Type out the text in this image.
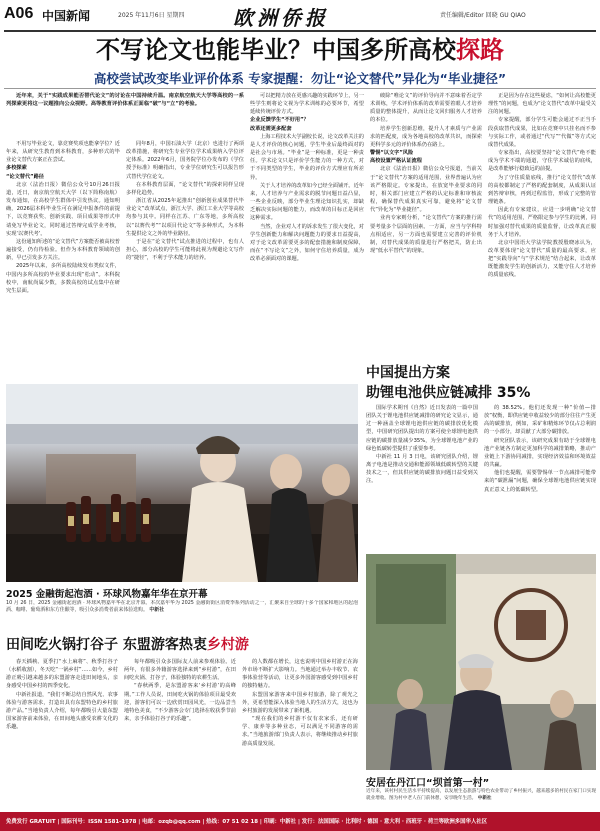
A06 中国新闻	2025 年11月6日 星期四 欧洲侨报	责任编辑/Editor 回晓 GU QIAO
不写论文也能毕业？中国多所高校探路
高校尝试改变毕业评价体系 专家提醒：勿让“论文替代”异化为“毕业捷径”

近年来，关于“实践成果能否替代论文”的讨论在中国持续升温。南京航空航天大学等高校的一系列探索更将这一议题推向公众视野。高等教育评价体系正面临“破”与“立”的考验。

不用写毕业论文，靠竞赛奖项也能拿学位？近年来，从研究生教育到本科教育，多种形式的毕业论文替代方案正在尝试。

多校探索

“论文替代”路径

北京（法治日报）微信公众号10月26日报道，近日，南京航空航天大学（以下简称南航）发布通知，在高校学生群体中引发热议。通知明确，2026届本科毕业生可在满足申报条件的前提下，以竞赛获奖、创新实践、项目成果等形式申请免写毕业论文，同时通过答辩完成学业考核，实现‘以赛代考’。

这份通知所述的“论文替代”方案能否被高校普遍接受，仍有待检验。但作为本科教育领域的创新，早已引发多方关注。

2025年以来，多所高校陆续发布类似文件，中国内多所高校的毕业要求出现“松动”。本科院校中，南航尚属少数，多数高校的试点集中在研究生层面。

同年8月，中国石油大学（北京）也进行了两项改革措施，将研究生专业学位学术成果纳入学位评定体系。2022年6月，国务院学位办发布的《学位授予标准》明确指出，专业学位研究生可以报告形式替代学位论文。

在本科教育层面，“论文替代”的探索同样呈现多样化趋势。

浙江省从2025年起推出“创新创业成果替代毕业论文”改革试点，浙江大学、浙江工业大学等高校均参与其中。同样在江苏、广东等地，多所高校以“以赛代考”“以项目代论文”等多种形式，为本科生提供论文之外的毕业路径。

于是在“论文替代”试点推进的过程中，也有人担心，部分高校的学生可能将此视为规避论文写作的“捷径”，不利于学术能力的培养。

可以把精力放在更感兴趣的实践环节上，另一些学生则将论文视为学术训练的必要环节，希望延续传统评价方式。

企业反馈学生“不好用”？

改革还需更多配套

上海工程技术大学副校长说，论文改革关注的是人才评价的核心问题，学生毕业后最终面对的是社会与市场。“毕业”是一种标准，更是一种责任。学术论文只是评价学生能力的一种方式，对于不同类型的学生，毕业的评价方式理应有所差异。

关于人才培养的改革如今已经全面铺开。近年来，人才培养与产业需求的脱节问题日益凸显，一些企业反映，部分毕业生理论知识扎实，却缺乏解决实际问题的能力，而改革的目标正是回应这种需求。

当然，企业对人才的诉求发生了很大变化，对学生创新能力和解决问题能力的要求日益提高，对于论文改革需要更多的配套措施和制度保障，而在“不写论文”之外，如何守住培养质量，成为改革必须面对的课题。

破除“唯论文”的评价导向并不意味着否定学术训练，学术评价体系的改革需要着眼人才培养质量的整体提升，从而让论文回归服务人才培养的本位。

培养学生创新思维，提升人才素质与产业需求的匹配度，成为各地高校的改革共识，而探索更科学多元的评价体系仍在路上。

警惕“以文字”风险

高校设置严格认证流程

北京《法治日报》微信公众号报道，当前关于“论文替代”方案的适用范围，业界普遍认为应该严格限定。专家提出，在放宽毕业要求的同时，相关部门应建立严格的认定标准和审核流程，确保替代成果真实可靠，避免将“论文替代”异化为“毕业捷径”。

业内专家则分析，“论文替代”方案的推行需要考量多个层面的因素。一方面，应当与学科特点相适应，另一方面也需要建立完善的评价机制，对替代成果的质量进行严格把关，防止出现“低水平替代”的现象。

正是因为存在这些疑虑，“如何让高校能更理性”的问题，也成为“论文替代”改革中最受关注的问题。

专家提醒，部分学生可能会通过不正当手段获取替代成果，比如在竞赛中只挂名而不参与实际工作，或者通过“代写”“代做”等方式完成替代成果。

专家指出，高校要坚持“论文替代”绝不能成为学术不端的通道，守住学术诚信的底线，是改革能够行稳致远的前提。

为了守住质量底线，推行“论文替代”改革的高校都制定了严格的配套制度，从成果认证到答辩审核，再到过程监管，形成了完整的管理链条。

因此有专家建议，应进一步明确“论文替代”的适用范围，严格限定参与学生的比例，同时加强对替代成果的质量监督，让改革真正服务于人才培养。

北京中国语大学法学院教授殷晓冰认为，改革要体现“论文替代”质量的最高要求，应把“实践导向”与“学术规范”结合起来，让改革既能激发学生的创新活力，又能守住人才培养的质量底线。

2025 金融街起泡酒 · 环球风物嘉年华在京开幕
10 月 26 日，2025 金融街起泡酒 · 环球风物嘉年华在北京开幕。本次嘉年华为 2025 金融街街区消费季系列活动之一，汇聚来自全球的十多个国家和地区的起泡酒、咖啡、葡萄酒和东方佳酿等，吸引众多消费者前来体验选购。 中新社
田间吃火锅打谷子 东盟游客热衷乡村游

春天插秧、夏季打“水上麻将”、秋季打谷子（水稻收割），冬天吃“一锅乡村”……如今，乡村游正吸引越来越多的东盟游客走进田间地头，亲身感受中国乡村的四季变化。

中新社报道，“我们不断总结自然风光、农事体验与游客需求，打造出具有东盟特色的乡村旅游产品。”当地负责人介绍，每年都吸引大量东盟国家游客前来体验，在田间地头感受农耕文化的乐趣。

每年都吸引众多国际友人前来参观体验。近两年，有很多外籍游客选择来到“乡村游”，在田间吃火锅、打谷子，体验独特的农耕生活。

“春秋两季，是东盟游客来‘乡村游’的高峰期。”工作人员说，田间吃火锅的体验项目最受欢迎，游客们可以一边欣赏田园风光，一边品尝当地特色美食，“不少游客会专门选择在收获季节前来，亲手体验打谷子的乐趣”。

的人数都在增长，这也说明中国乡村游正在海外市场不断扩大影响力。当地通过举办丰收节、农事体验营等活动，让更多外国游客感受到中国乡村的独特魅力。

东盟国家游客来中国乡村旅游，除了观光之外，更希望能深入体验当地人的生活方式，这也为乡村旅游的发展带来了新机遇。

“现在我们的乡村游不仅有农家乐，还有研学、康养等多种业态，可以满足不同游客的需求。”当地旅游部门负责人表示，将继续推动乡村旅游高质量发展。

中国提出方案
助锂电池供应链减排 35%

国际学术期刊《自然》近日发表的一篇中国团队关于锂电池供应链减排的研究论文显示，通过一种涵盖全球锂电池供应链的碳排放优化模型，中国研究团队提出的方案可使全球锂电池供应链的碳排放量减少35%，为全球锂电池产业的绿色低碳转型提供了重要参考。

中新社 11 月 3 日电，该研究团队介绍，锂离子电池是推动交通和能源领域低碳转型的关键技术之一，但其供应链的碳排放问题日益受到关注。

的 38.52%。他们还发现一种“价值—排放”权衡，即供应链中收益较少的部分往往产生更高的碳排放，例如，采矿和精炼环节仅占总利润的一小部分，却贡献了大部分碳排放。

研究团队表示，该研究成果有助于全球锂电池产业链各方制定更加科学的减排策略，推动产业链上下游协同减排，实现经济效益和环境效益的共赢。

他们也提醒，需要警惕单一节点减排可能带来的“碳泄漏”问题，确保全球锂电池供应链实现真正意义上的低碳转型。

安居在丹江口“坝首第一村”
近年来，该村村民生活水平持续提高，以发展生态旅游与特色农业带动了乡村振兴，越来越多的村民在家门口实现就业增收。图为村中老人在门前休憩，安享晚年生活。 中新社
免费发行 GRATUIT | 国际刊号：ISSN 1581-1978 | 电邮：ozqb@qq.com | 热线：07 51 02 18 | 印刷：中新社 | 发行：法国国际 · 比利时 · 德国 · 意大利 · 西班牙 · 荷兰等欧洲多国华人社区
